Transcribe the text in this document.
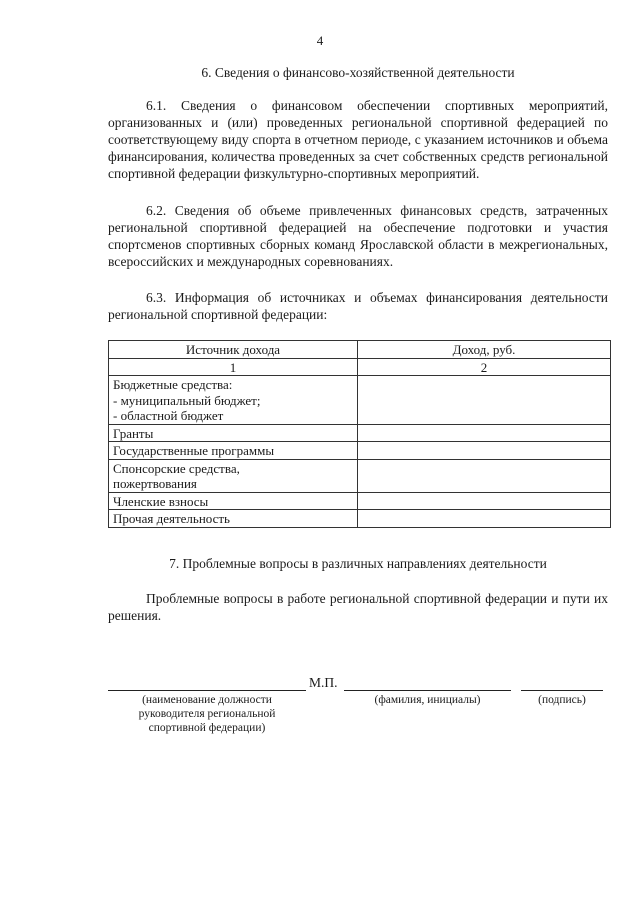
4
6. Сведения о финансово-хозяйственной деятельности

6.1. Сведения о финансовом обеспечении спортивных мероприятий, организованных и (или) проведенных региональной спортивной федерацией по соответствующему виду спорта в отчетном периоде, с указанием источников и объема финансирования, количества проведенных за счет собственных средств региональной спортивной федерации физкультурно-спортивных мероприятий.

6.2. Сведения об объеме привлеченных финансовых средств, затраченных региональной спортивной федерацией на обеспечение подготовки и участия спортсменов спортивных сборных команд Ярославской области в межрегиональных, всероссийских и международных соревнованиях.

6.3. Информация об источниках и объемах финансирования деятельности региональной спортивной федерации:

Источник дохода	Доход, руб.
1	2

Бюджетные средства:
- муниципальный бюджет;
- областной бюджет	

Гранты	

Государственные программы	

Спонсорские средства,
пожертвования	

Членские взносы	

Прочая деятельность	

7. Проблемные вопросы в различных направлениях деятельности

Проблемные вопросы в работе региональной спортивной федерации и пути их решения.

М.П.
(наименование должности
руководителя региональной
спортивной федерации)
(фамилия, инициалы)	(подпись)
